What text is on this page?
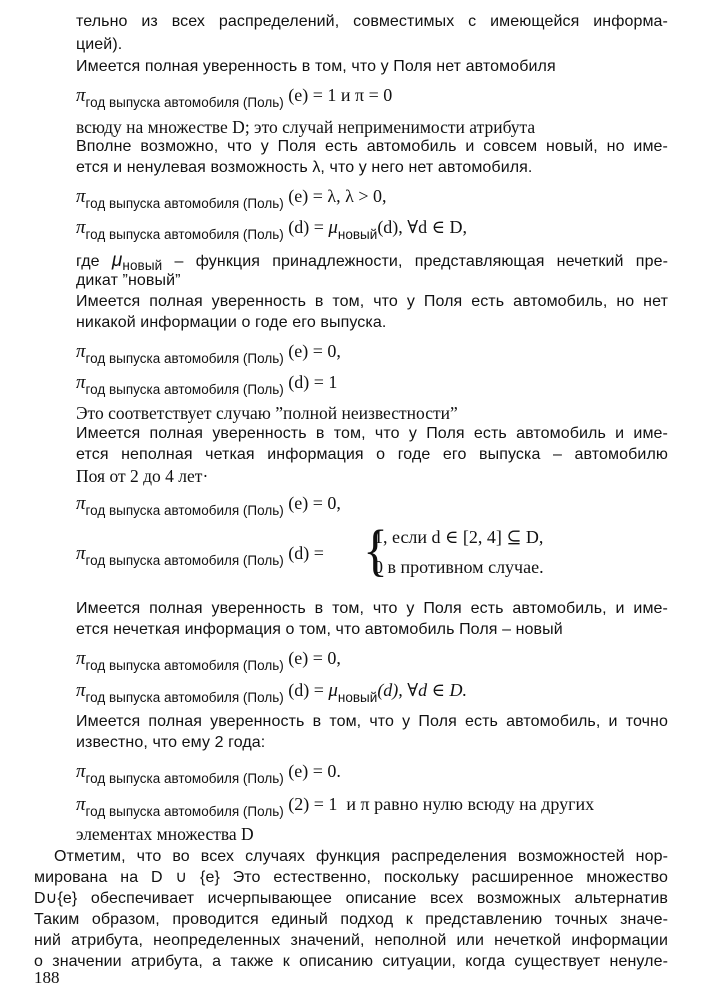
тельно из всех распределений, совместимых с имеющейся информа-
цией).
Имеется полная уверенность в том, что у Поля нет автомобиля
$\pi_{год выпуска автомобиля (Поль)}$ (e) = 1 и π = 0
всюду на множестве D; это случай неприменимости атрибута
Вполне возможно, что у Поля есть автомобиль и совсем новый, но име-
ется и ненулевая возможность λ, что у него нет автомобиля.
$\pi_{год выпуска автомобиля (Поль)}$ (e) = λ, λ > 0,
$\pi_{год выпуска автомобиля (Поль)}$ $(d) = \mu_{новый}(d)$, ∀d ∈ D,
где $\mu_{новый}$ – функция принадлежности, представляющая нечеткий пре-
дикат ”новый”
Имеется полная уверенность в том, что у Поля есть автомобиль, но нет
никакой информации о годе его выпуска.
$\pi_{год выпуска автомобиля (Поль)}$ (e) = 0,
$\pi_{год выпуска автомобиля (Поль)}$ (d) = 1
Это соответствует случаю ”полной неизвестности”
Имеется полная уверенность в том, что у Поля есть автомобиль и име-
ется неполная четкая информация о годе его выпуска – автомобилю
Поя от 2 до 4 лет·
$\pi_{год выпуска автомобиля (Поль)}$ (e) = 0,
$\pi_{год выпуска автомобиля (Поль)}$ (d) = {
1, если d ∈ [2, 4] ⊆ D,
0 в противном случае.
Имеется полная уверенность в том, что у Поля есть автомобиль, и име-
ется нечеткая информация о том, что автомобиль Поля – новый
$\pi_{год выпуска автомобиля (Поль)}$ (e) = 0,
$\pi_{год выпуска автомобиля (Поль)}$ $(d) = \mu_{новый}(d)$, ∀d ∈ D.
Имеется полная уверенность в том, что у Поля есть автомобиль, и точно
известно, что ему 2 года:
$\pi_{год выпуска автомобиля (Поль)}$ (e) = 0.
$\pi_{год выпуска автомобиля (Поль)}$ (2) = 1 и π равно нулю всюду на других
элементах множества D
Отметим, что во всех случаях функция распределения возможностей нор-
мирована на D ∪ {e} Это естественно, поскольку расширенное множество
D∪{e} обеспечивает исчерпывающее описание всех возможных альтернатив
Таким образом, проводится единый подход к представлению точных значе-
ний атрибута, неопределенных значений, неполной или нечеткой информации
о значении атрибута, а также к описанию ситуации, когда существует ненуле-
188
